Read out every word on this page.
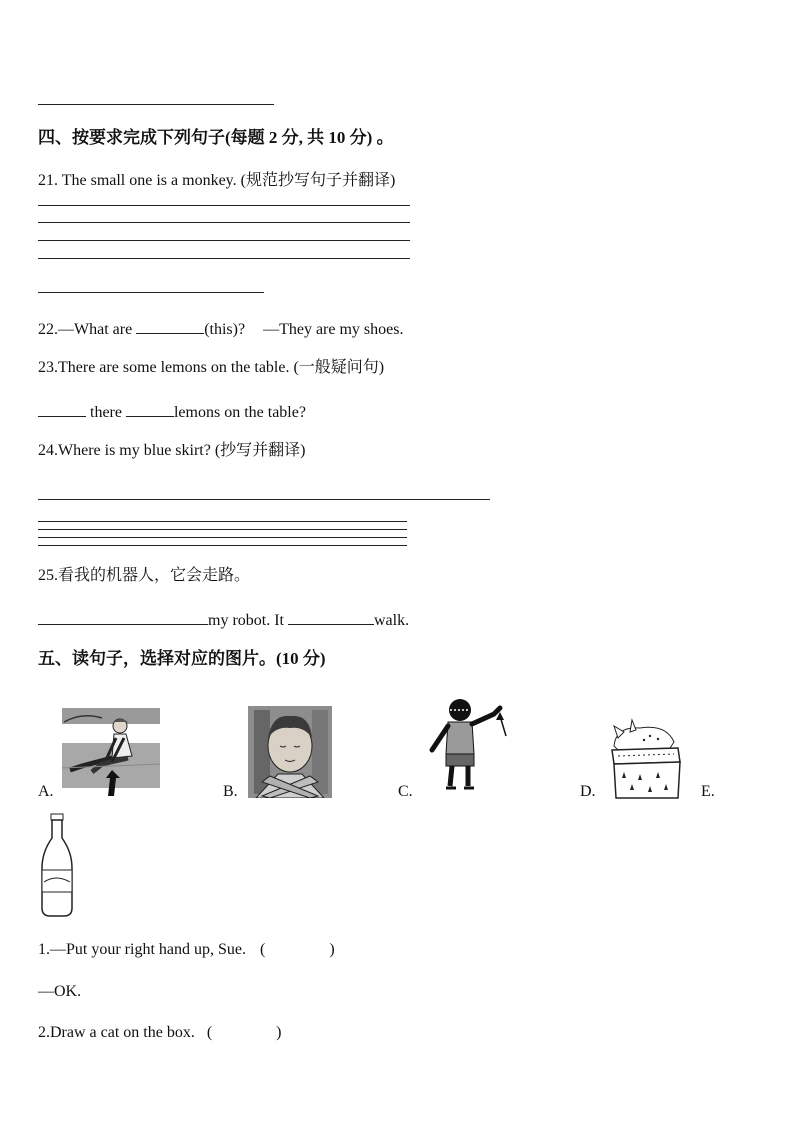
四、按要求完成下列句子(每题 2 分, 共 10 分) 。
21. The small one is a monkey. (规范抄写句子并翻译)
22.—What are	(this)? —They are my shoes.
23.There are some lemons on the table. (一般疑问句)
there	lemons on the table?
24.Where is my blue skirt? (抄写并翻译)
25.看我的机器人，它会走路。
my robot. It	walk.
五、读句子，选择对应的图片。(10 分)
A.	B.	C.	D.	E.
1.—Put your right hand up, Sue. (                )
—OK.
2.Draw a cat on the box. (                )
